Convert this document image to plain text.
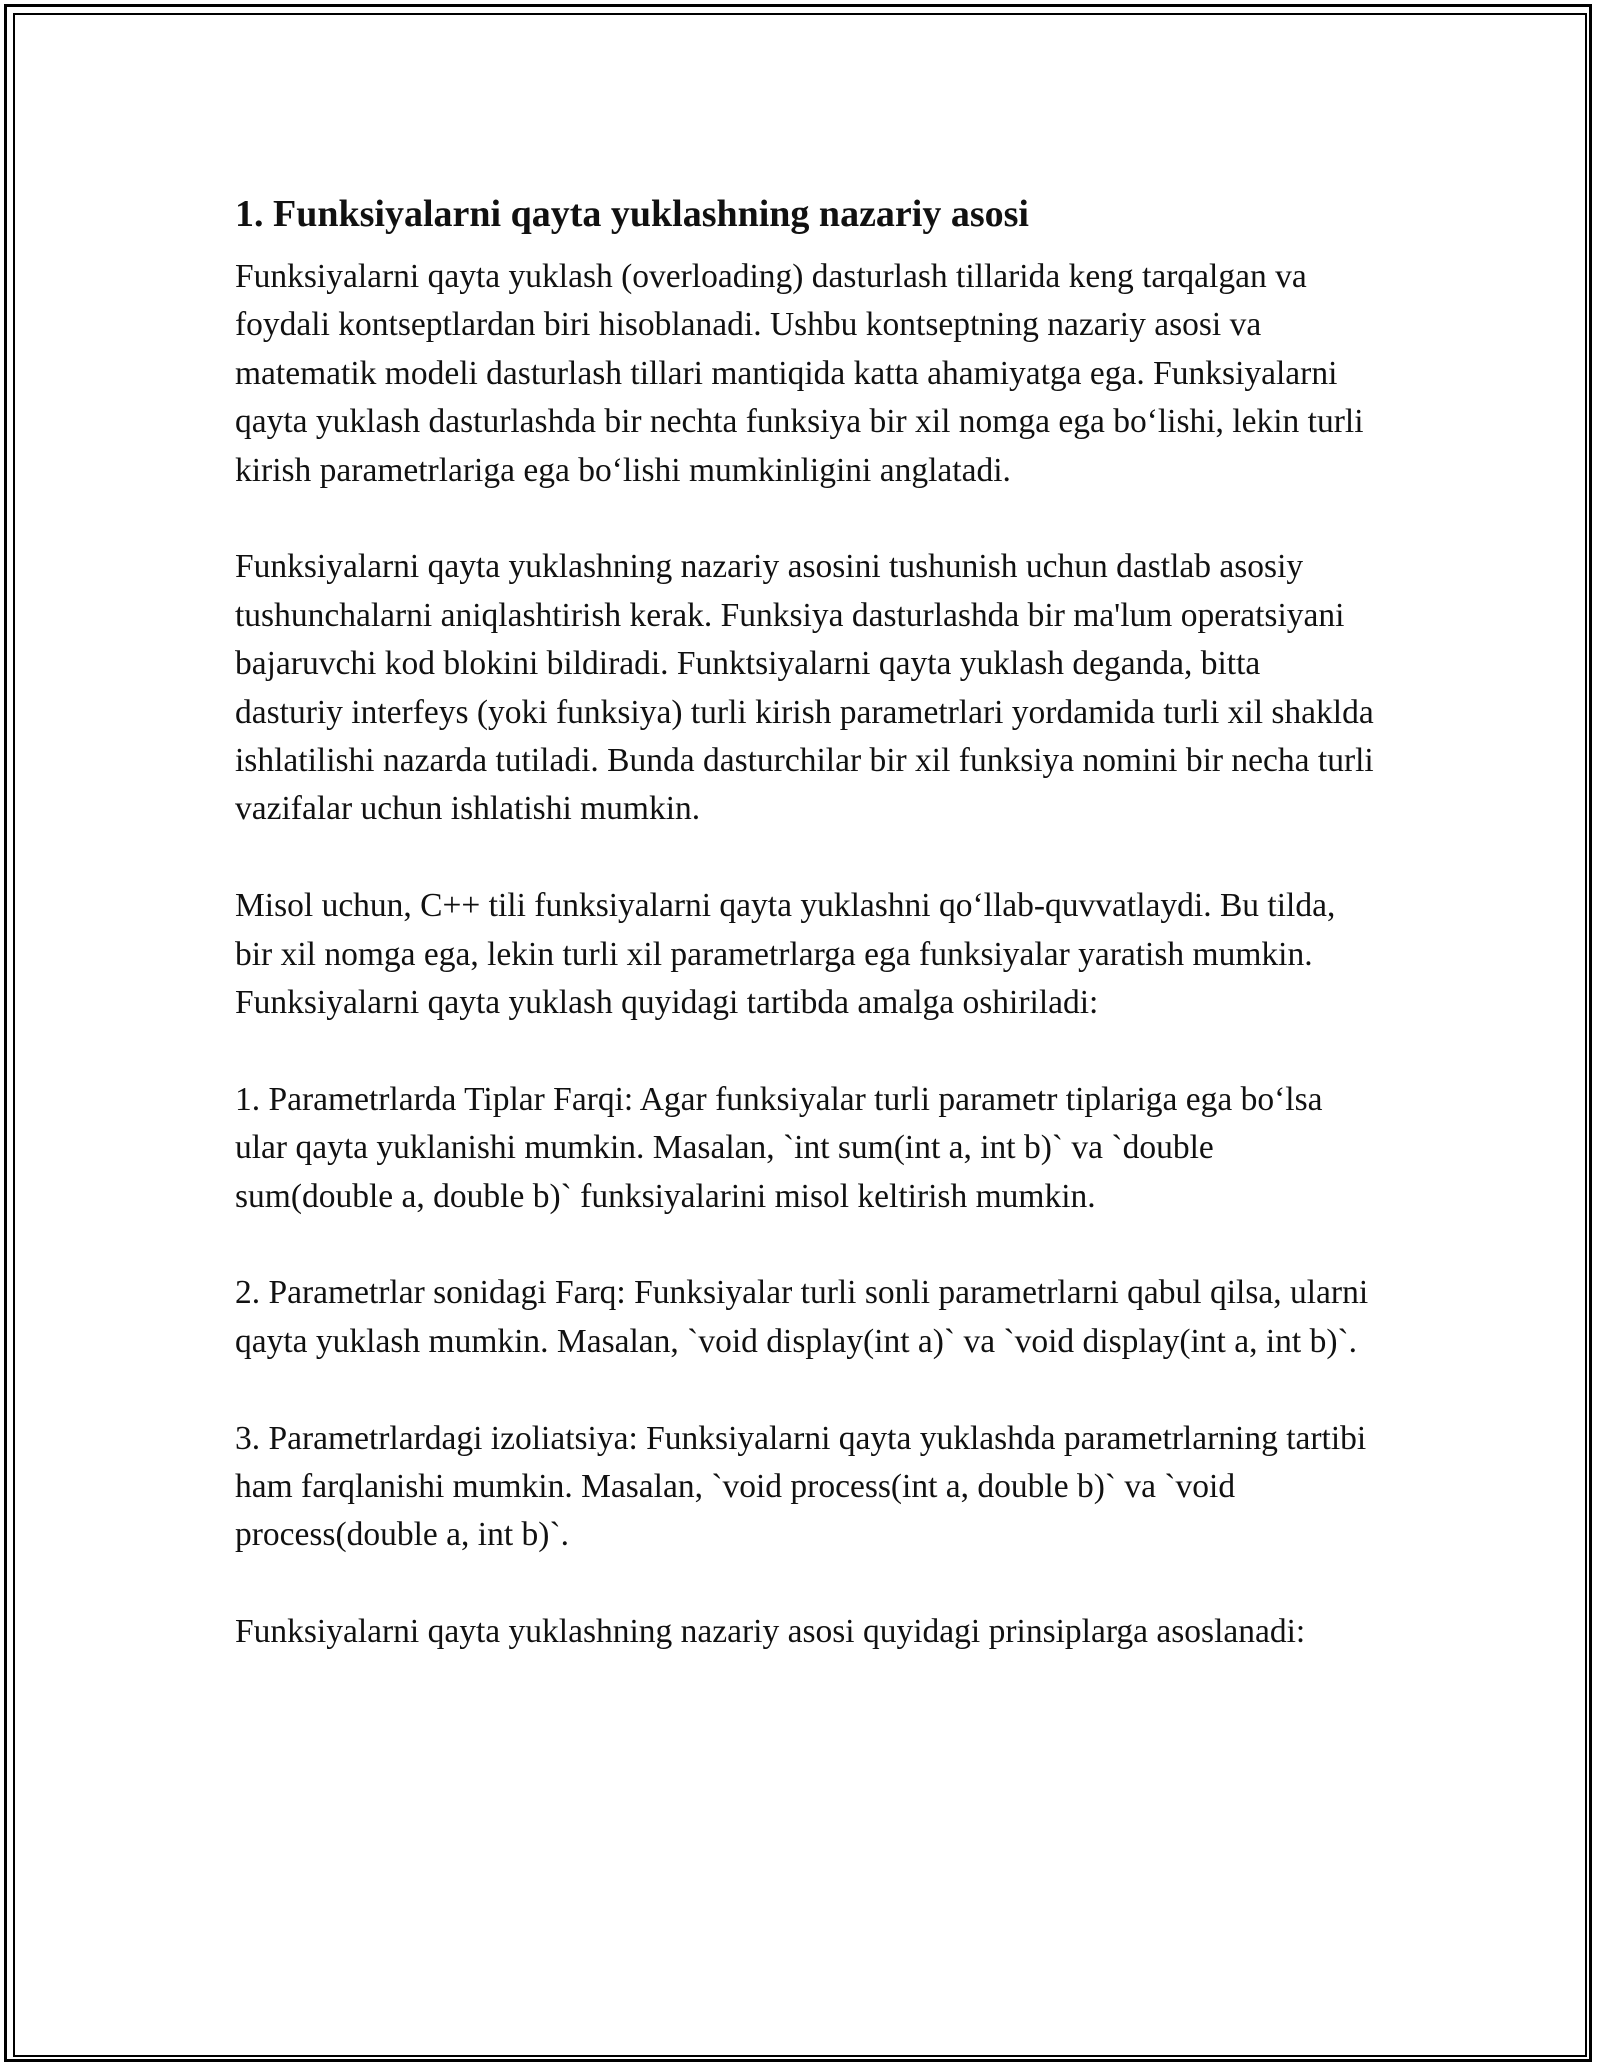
1. Funksiyalarni qayta yuklashning nazariy asosi

Funksiyalarni qayta yuklash (overloading) dasturlash tillarida keng tarqalgan va foydali kontseptlardan biri hisoblanadi. Ushbu kontseptning nazariy asosi va matematik modeli dasturlash tillari mantiqida katta ahamiyatga ega. Funksiyalarni qayta yuklash dasturlashda bir nechta funksiya bir xil nomga ega bo‘lishi, lekin turli kirish parametrlariga ega bo‘lishi mumkinligini anglatadi.

Funksiyalarni qayta yuklashning nazariy asosini tushunish uchun dastlab asosiy tushunchalarni aniqlashtirish kerak. Funksiya dasturlashda bir ma'lum operatsiyani bajaruvchi kod blokini bildiradi. Funktsiyalarni qayta yuklash deganda, bitta dasturiy interfeys (yoki funksiya) turli kirish parametrlari yordamida turli xil shaklda ishlatilishi nazarda tutiladi. Bunda dasturchilar bir xil funksiya nomini bir necha turli vazifalar uchun ishlatishi mumkin.

Misol uchun, C++ tili funksiyalarni qayta yuklashni qo‘llab-quvvatlaydi. Bu tilda, bir xil nomga ega, lekin turli xil parametrlarga ega funksiyalar yaratish mumkin. Funksiyalarni qayta yuklash quyidagi tartibda amalga oshiriladi:

1. Parametrlarda Tiplar Farqi: Agar funksiyalar turli parametr tiplariga ega bo‘lsa ular qayta yuklanishi mumkin. Masalan, `int sum(int a, int b)` va `double sum(double a, double b)` funksiyalarini misol keltirish mumkin.

2. Parametrlar sonidagi Farq: Funksiyalar turli sonli parametrlarni qabul qilsa, ularni qayta yuklash mumkin. Masalan, `void display(int a)` va `void display(int a, int b)`.

3. Parametrlardagi izoliatsiya: Funksiyalarni qayta yuklashda parametrlarning tartibi ham farqlanishi mumkin. Masalan, `void process(int a, double b)` va `void process(double a, int b)`.

Funksiyalarni qayta yuklashning nazariy asosi quyidagi prinsiplarga asoslanadi:
